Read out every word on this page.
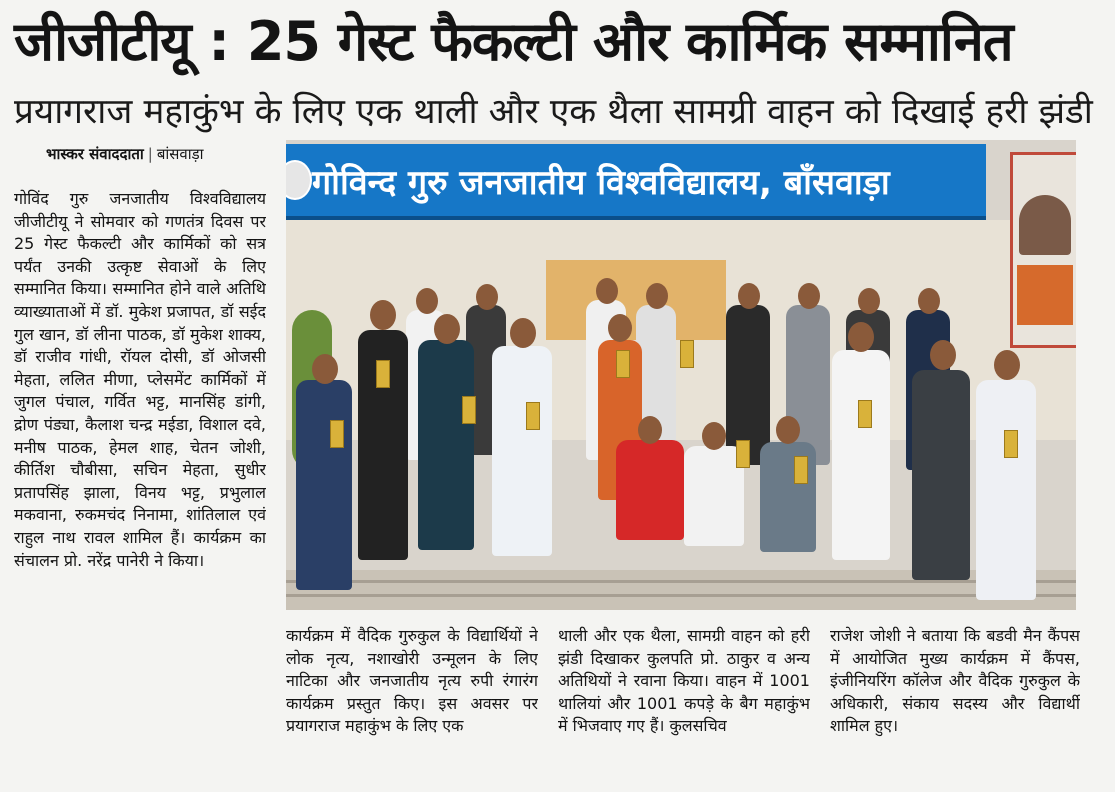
जीजीटीयू : 25 गेस्ट फैकल्टी और कार्मिक सम्मानित
प्रयागराज महाकुंभ के लिए एक थाली और एक थैला सामग्री वाहन को दिखाई हरी झंडी
भास्कर संवाददाता | बांसवाड़ा
गोविंद गुरु जनजातीय विश्वविद्यालय जीजीटीयू ने सोमवार को गणतंत्र दिवस पर 25 गेस्ट फैकल्टी और कार्मिकों को सत्र पर्यंत उनकी उत्कृष्ट सेवाओं के लिए सम्मानित किया। सम्मानित होने वाले अतिथि व्याख्याताओं में डॉ. मुकेश प्रजापत, डॉ सईद गुल खान, डॉ लीना पाठक, डॉ मुकेश शाक्य, डॉ राजीव गांधी, रॉयल दोसी, डॉ ओजसी मेहता, ललित मीणा, प्लेसमेंट कार्मिकों में जुगल पंचाल, गर्वित भट्ट, मानसिंह डांगी, द्रोण पंड्या, कैलाश चन्द्र मईडा, विशाल दवे, मनीष पाठक, हेमल शाह, चेतन जोशी, कीर्तिश चौबीसा, सचिन मेहता, सुधीर प्रतापसिंह झाला, विनय भट्ट, प्रभुलाल मकवाना, रुकमचंद निनामा, शांतिलाल एवं राहुल नाथ रावल शामिल हैं। कार्यक्रम का संचालन प्रो. नरेंद्र पानेरी ने किया।
गोविन्द गुरु जनजातीय विश्वविद्यालय, बाँसवाड़ा
कार्यक्रम में वैदिक गुरुकुल के विद्यार्थियों ने लोक नृत्य, नशाखोरी उन्मूलन के लिए नाटिका और जनजातीय नृत्य रुपी रंगारंग कार्यक्रम प्रस्तुत किए। इस अवसर पर प्रयागराज महाकुंभ के लिए एक
थाली और एक थैला, सामग्री वाहन को हरी झंडी दिखाकर कुलपति प्रो. ठाकुर व अन्य अतिथियों ने रवाना किया। वाहन में 1001 थालियां और 1001 कपड़े के बैग महाकुंभ में भिजवाए गए हैं। कुलसचिव
राजेश जोशी ने बताया कि बडवी मैन कैंपस में आयोजित मुख्य कार्यक्रम में कैंपस, इंजीनियरिंग कॉलेज और वैदिक गुरुकुल के अधिकारी, संकाय सदस्य और विद्यार्थी शामिल हुए।
